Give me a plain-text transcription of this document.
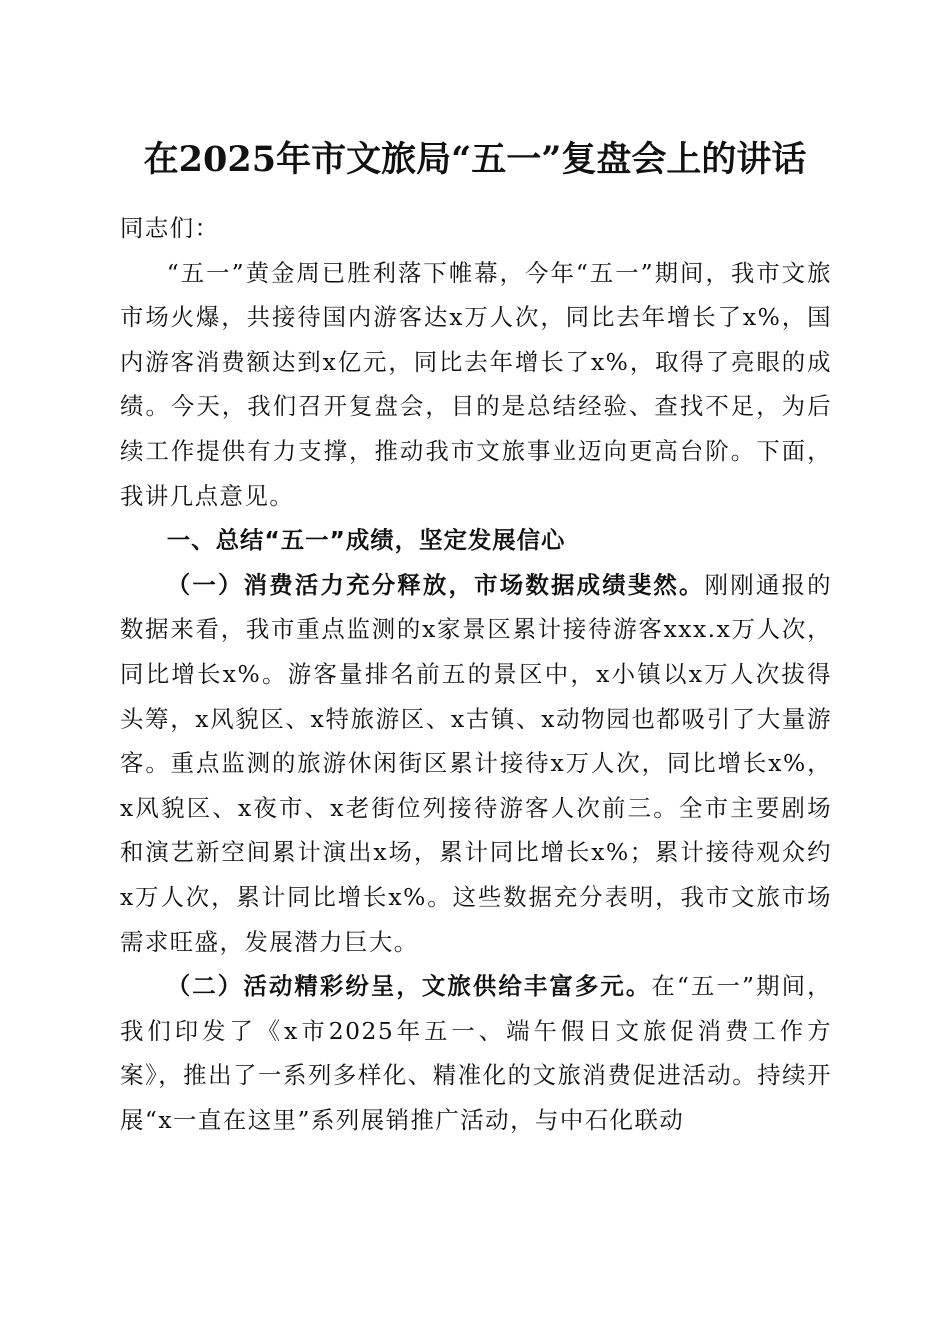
在2025年市文旅局“五一”复盘会上的讲话

同志们：

“五一”黄金周已胜利落下帷幕，今年“五一”期间，我市文旅市场火爆，共接待国内游客达x万人次，同比去年增长了x%，国内游客消费额达到x亿元，同比去年增长了x%，取得了亮眼的成绩。今天，我们召开复盘会，目的是总结经验、查找不足，为后续工作提供有力支撑，推动我市文旅事业迈向更高台阶。下面，我讲几点意见。

一、总结“五一”成绩，坚定发展信心

（一）消费活力充分释放，市场数据成绩斐然。刚刚通报的数据来看，我市重点监测的x家景区累计接待游客xxx.x万人次，同比增长x%。游客量排名前五的景区中，x小镇以x万人次拔得头筹，x风貌区、x特旅游区、x古镇、x动物园也都吸引了大量游客。重点监测的旅游休闲街区累计接待x万人次，同比增长x%，x风貌区、x夜市、x老街位列接待游客人次前三。全市主要剧场和演艺新空间累计演出x场，累计同比增长x%；累计接待观众约x万人次，累计同比增长x%。这些数据充分表明，我市文旅市场需求旺盛，发展潜力巨大。

（二）活动精彩纷呈，文旅供给丰富多元。在“五一”期间，我们印发了《x市2025年五一、端午假日文旅促消费工作方案》，推出了一系列多样化、精准化的文旅消费促进活动。持续开展“x一直在这里”系列展销推广活动，与中石化联动
